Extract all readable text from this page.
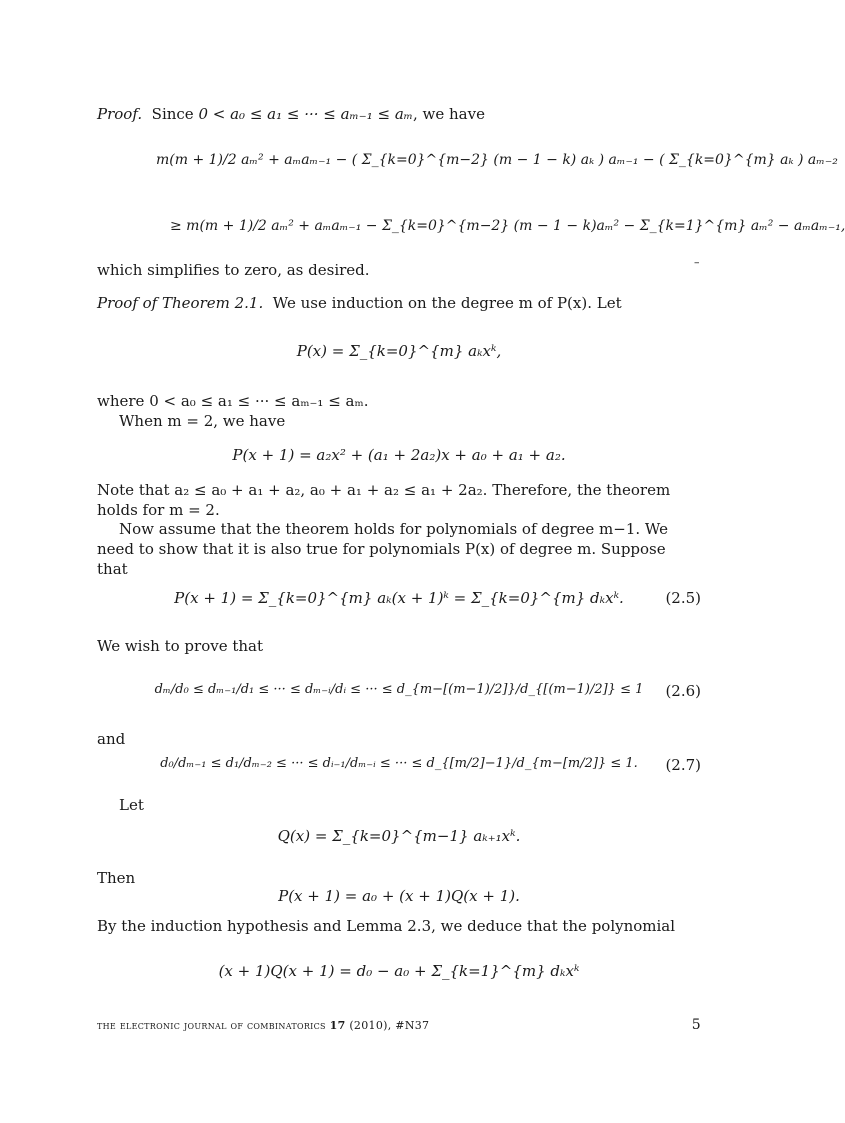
Proof. Since 0 < a₀ ≤ a₁ ≤ ··· ≤ aₘ₋₁ ≤ aₘ, we have

m(m + 1)/2 aₘ² + aₘaₘ₋₁ − ( Σ_{k=0}^{m−2} (m − 1 − k) aₖ ) aₘ₋₁ − ( Σ_{k=0}^{m} aₖ ) aₘ₋₂
≥ m(m + 1)/2 aₘ² + aₘaₘ₋₁ − Σ_{k=0}^{m−2} (m − 1 − k)aₘ² − Σ_{k=1}^{m} aₘ² − aₘaₘ₋₁,

which simplifies to zero, as desired.	–

Proof of Theorem 2.1. We use induction on the degree m of P(x). Let

P(x) = Σ_{k=0}^{m} aₖxᵏ,

where 0 < a₀ ≤ a₁ ≤ ··· ≤ aₘ₋₁ ≤ aₘ.

When m = 2, we have

P(x + 1) = a₂x² + (a₁ + 2a₂)x + a₀ + a₁ + a₂.

Note that a₂ ≤ a₀ + a₁ + a₂, a₀ + a₁ + a₂ ≤ a₁ + 2a₂. Therefore, the theorem holds for m = 2.

Now assume that the theorem holds for polynomials of degree m−1. We need to show that it is also true for polynomials P(x) of degree m. Suppose that

P(x + 1) = Σ_{k=0}^{m} aₖ(x + 1)ᵏ = Σ_{k=0}^{m} dₖxᵏ.	(2.5)

We wish to prove that

dₘ/d₀ ≤ dₘ₋₁/d₁ ≤ ··· ≤ dₘ₋ᵢ/dᵢ ≤ ··· ≤ d_{m−[(m−1)/2]}/d_{[(m−1)/2]} ≤ 1	(2.6)

and

d₀/dₘ₋₁ ≤ d₁/dₘ₋₂ ≤ ··· ≤ dᵢ₋₁/dₘ₋ᵢ ≤ ··· ≤ d_{[m/2]−1}/d_{m−[m/2]} ≤ 1.	(2.7)

Let

Q(x) = Σ_{k=0}^{m−1} aₖ₊₁xᵏ.

Then

P(x + 1) = a₀ + (x + 1)Q(x + 1).

By the induction hypothesis and Lemma 2.3, we deduce that the polynomial

(x + 1)Q(x + 1) = d₀ − a₀ + Σ_{k=1}^{m} dₖxᵏ
the electronic journal of combinatorics 17 (2010), #N37	5
